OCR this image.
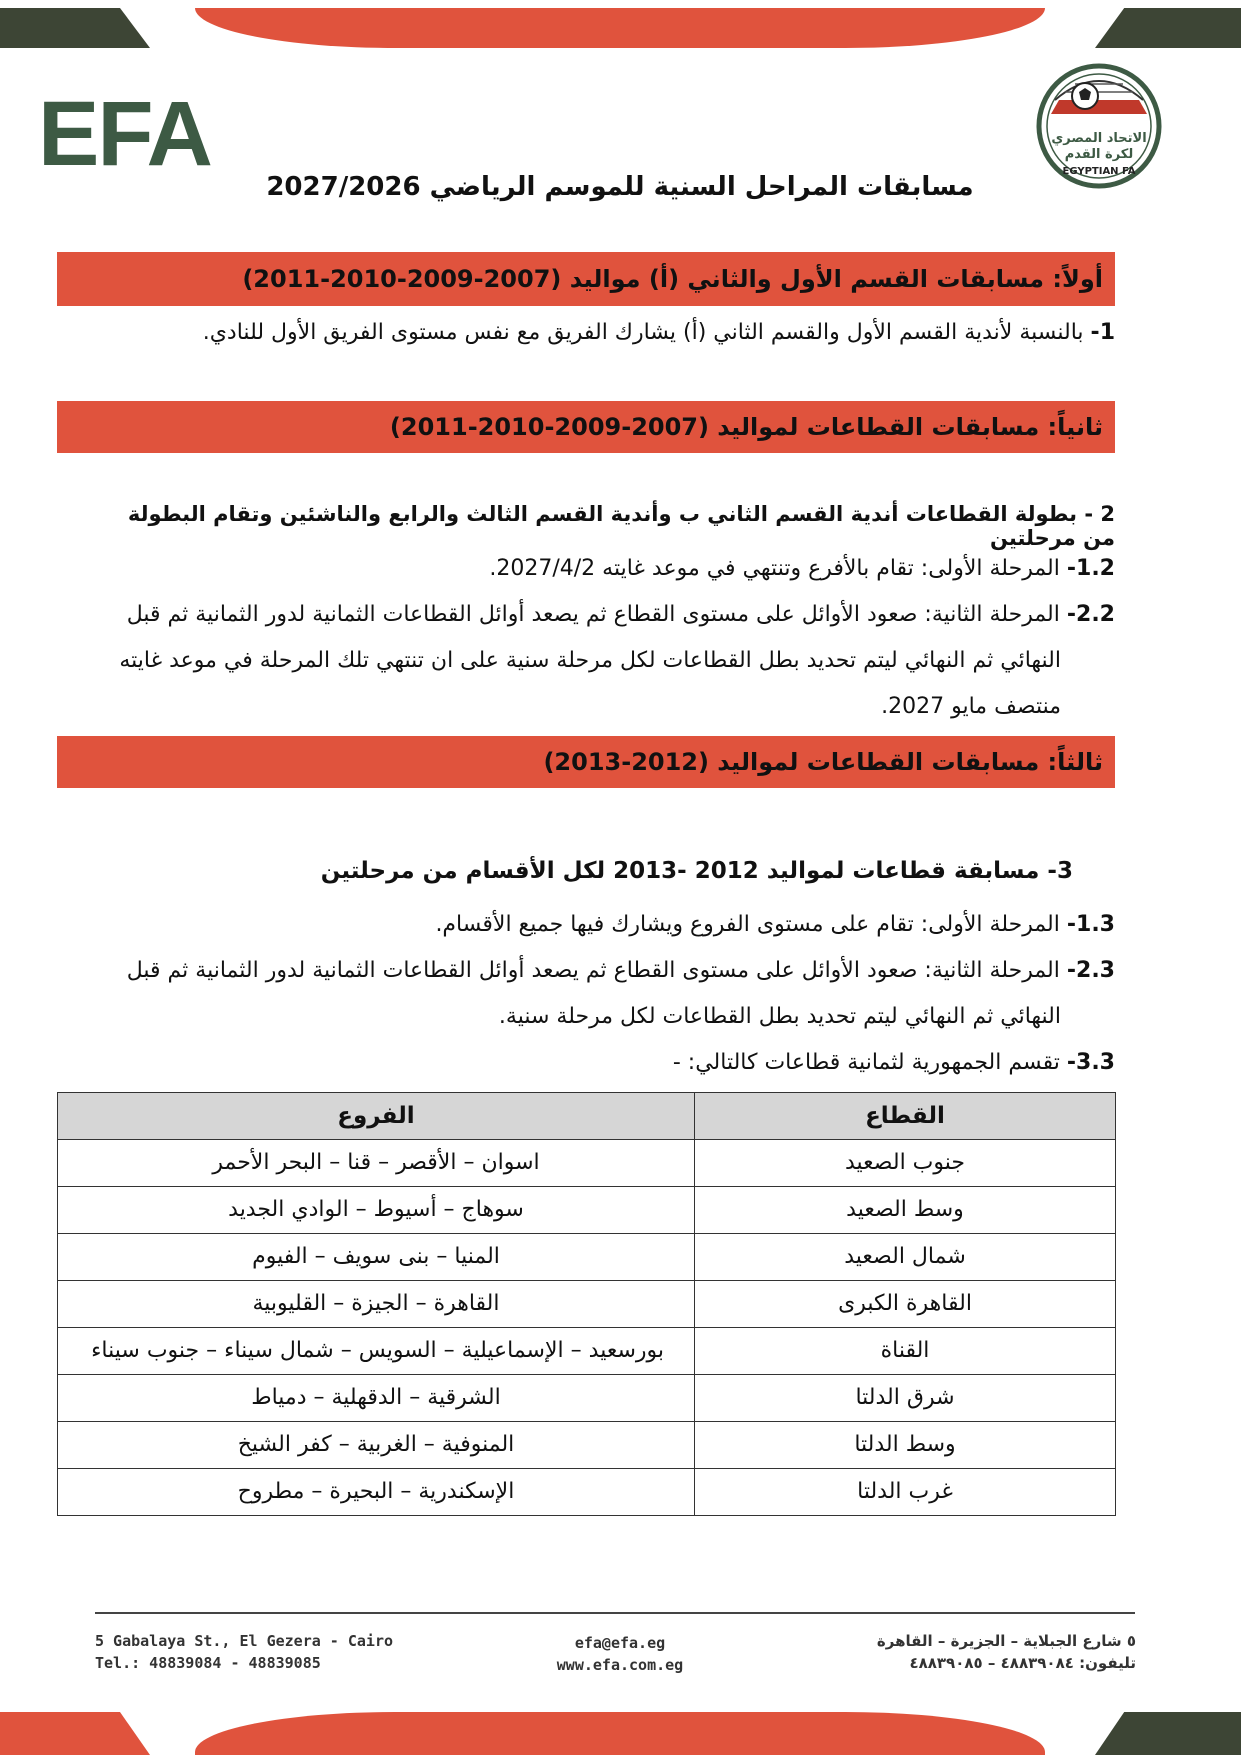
EFA	الاتحاد المصري
لكرة القدم
EGYPTIAN FA
مسابقات المراحل السنية للموسم الرياضي 2027/2026
أولاً: مسابقات القسم الأول والثاني (أ) مواليد (2007-2009-2010-2011)
1- بالنسبة لأندية القسم الأول والقسم الثاني (أ) يشارك الفريق مع نفس مستوى الفريق الأول للنادي.
ثانياً: مسابقات القطاعات لمواليد (2007-2009-2010-2011)
2 - بطولة القطاعات أندية القسم الثاني ب وأندية القسم الثالث والرابع والناشئين وتقام البطولة من مرحلتين
1.2- المرحلة الأولى: تقام بالأفرع وتنتهي في موعد غايته 2027/4/2.
2.2- المرحلة الثانية: صعود الأوائل على مستوى القطاع ثم يصعد أوائل القطاعات الثمانية لدور الثمانية ثم قبل
النهائي ثم النهائي ليتم تحديد بطل القطاعات لكل مرحلة سنية على ان تنتهي تلك المرحلة في موعد غايته
منتصف مايو 2027.
ثالثاً: مسابقات القطاعات لمواليد (2012-2013)
3- مسابقة قطاعات لمواليد 2012 -2013 لكل الأقسام من مرحلتين
1.3- المرحلة الأولى: تقام على مستوى الفروع ويشارك فيها جميع الأقسام.
2.3- المرحلة الثانية: صعود الأوائل على مستوى القطاع ثم يصعد أوائل القطاعات الثمانية لدور الثمانية ثم قبل
النهائي ثم النهائي ليتم تحديد بطل القطاعات لكل مرحلة سنية.
3.3- تقسم الجمهورية لثمانية قطاعات كالتالي: -
القطاع	الفروع
جنوب الصعيد	اسوان – الأقصر – قنا – البحر الأحمر
وسط الصعيد	سوهاج – أسيوط – الوادي الجديد
شمال الصعيد	المنيا – بنى سويف – الفيوم
القاهرة الكبرى	القاهرة – الجيزة – القليوبية
القناة	بورسعيد – الإسماعيلية – السويس – شمال سيناء – جنوب سيناء
شرق الدلتا	الشرقية – الدقهلية – دمياط
وسط الدلتا	المنوفية – الغربية – كفر الشيخ
غرب الدلتا	الإسكندرية – البحيرة – مطروح
5 Gabalaya St., El Gezera - Cairo
Tel.: 48839084 - 48839085
efa@efa.eg
www.efa.com.eg
٥ شارع الجبلاية – الجزيرة – القاهرة
تليفون: ٤٨٨٣٩٠٨٤ – ٤٨٨٣٩٠٨٥
